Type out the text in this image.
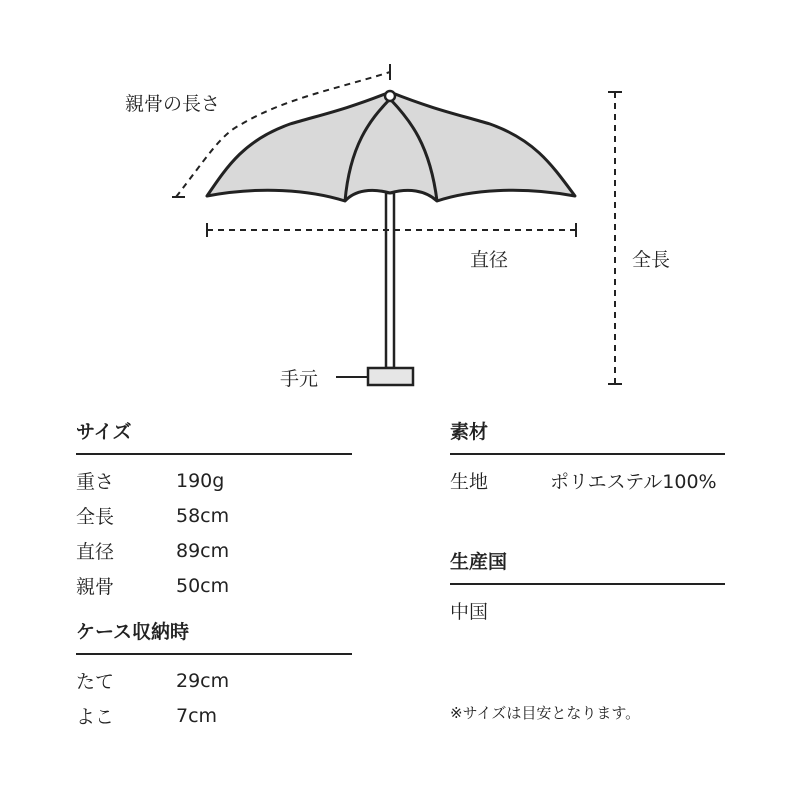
親骨の長さ
直径	全長
手元
サイズ
重さ	190g
全長	58cm
直径	89cm
親骨	50cm
ケース収納時
たて	29cm
よこ	7cm
素材
生地	ポリエステル100%
生産国
中国
※サイズは目安となります。
